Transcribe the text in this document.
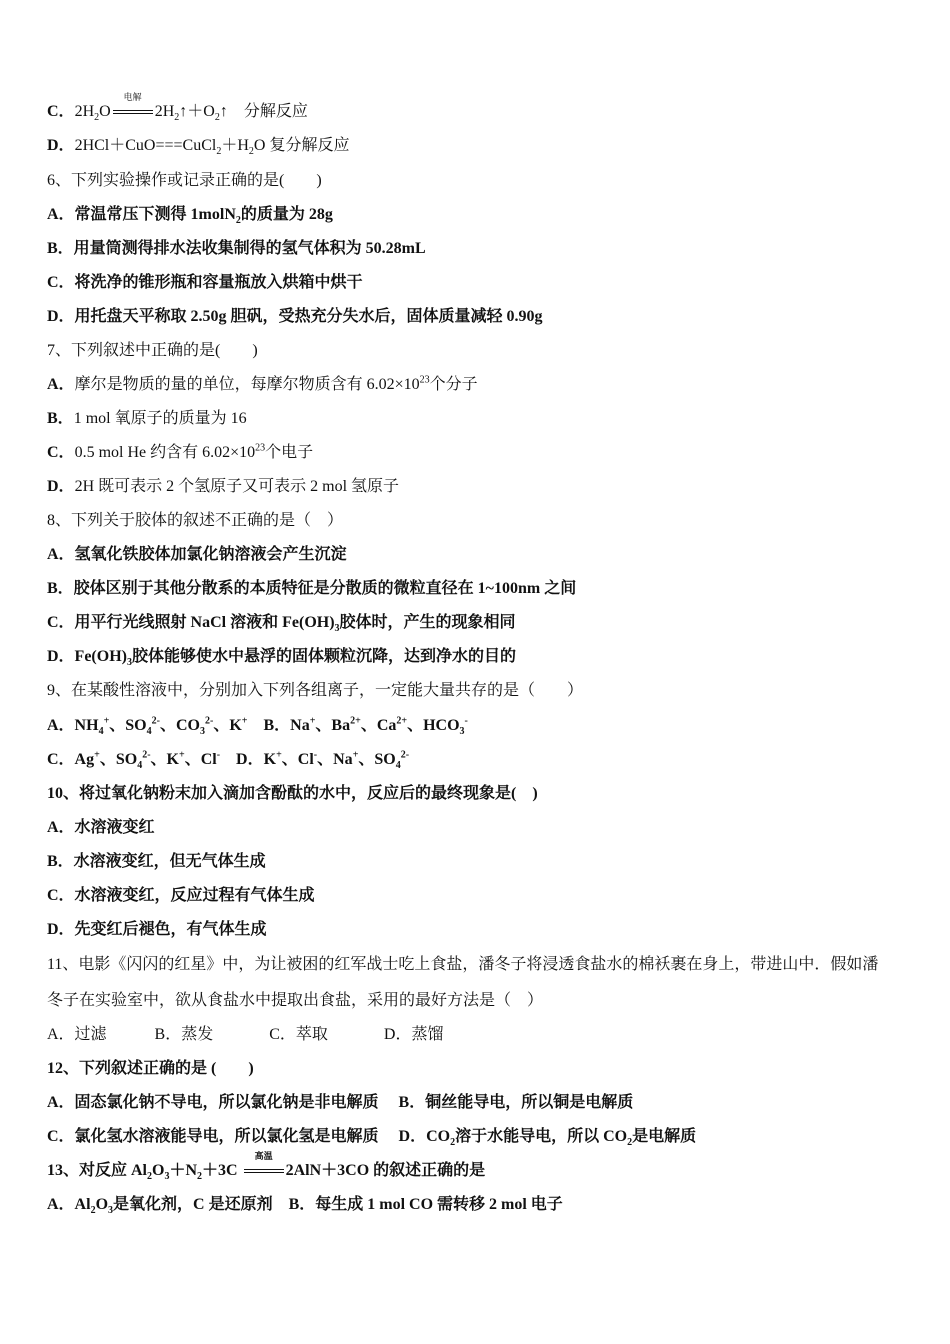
C．$2H_2O$
电解
$2H_2↑+O_2↑$    分解反应
D．$2HCl+CuO===CuCl_2+H_2O$ 复分解反应
6、下列实验操作或记录正确的是(　　)
A．常温常压下测得 1molN$_2$的质量为 28g
B．用量筒测得排水法收集制得的氢气体积为 50.28mL
C．将洗净的锥形瓶和容量瓶放入烘箱中烘干
D．用托盘天平称取 2.50g 胆矾，受热充分失水后，固体质量减轻 0.90g
7、下列叙述中正确的是(　　)
A．摩尔是物质的量的单位，每摩尔物质含有 $6.02\times 10^{23}$个分子
B．1 mol 氧原子的质量为 16
C．0.5 mol He 约含有 $6.02\times 10^{23}$个电子
D．2H 既可表示 2 个氢原子又可表示 2 mol 氢原子
8、下列关于胶体的叙述不正确的是（　）
A．氢氧化铁胶体加氯化钠溶液会产生沉淀
B．胶体区别于其他分散系的本质特征是分散质的微粒直径在 1~100nm 之间
C．用平行光线照射 NaCl 溶液和 $Fe(OH)_3$胶体时，产生的现象相同
D．$Fe(OH)_3$胶体能够使水中悬浮的固体颗粒沉降，达到净水的目的
9、在某酸性溶液中，分别加入下列各组离子，一定能大量共存的是（　　）
A．$NH_4^+$、$SO_4^{2-}$、$CO_3^{2-}$、K+　B．Na+、$Ba^{2+}$、$Ca^{2+}$、$HCO_3^-$
C．Ag+、$SO_4^{2-}$、K+、Cl-　D．K+、Cl-、Na+、$SO_4^{2-}$
10、将过氧化钠粉末加入滴加含酚酞的水中，反应后的最终现象是(　)
A．水溶液变红
B．水溶液变红，但无气体生成
C．水溶液变红，反应过程有气体生成
D．先变红后褪色，有气体生成
11、电影《闪闪的红星》中，为让被困的红军战士吃上食盐，潘冬子将浸透食盐水的棉袄裹在身上，带进山中．假如潘
冬子在实验室中，欲从食盐水中提取出食盐，采用的最好方法是（　）
A．过滤            B．蒸发              C．萃取              D．蒸馏
12、下列叙述正确的是 (　　)
A．固态氯化钠不导电，所以氯化钠是非电解质　 B．铜丝能导电，所以铜是电解质
C．氯化氢水溶液能导电，所以氯化氢是电解质　 D．$CO_2$溶于水能导电，所以 $CO_2$是电解质
13、对反应 $Al_2O_3+N_2+3C$
高温
2AlN＋3CO 的叙述正确的是
A．$Al_2O_3$是氧化剂，C 是还原剂　B．每生成 1 mol CO 需转移 2 mol 电子
